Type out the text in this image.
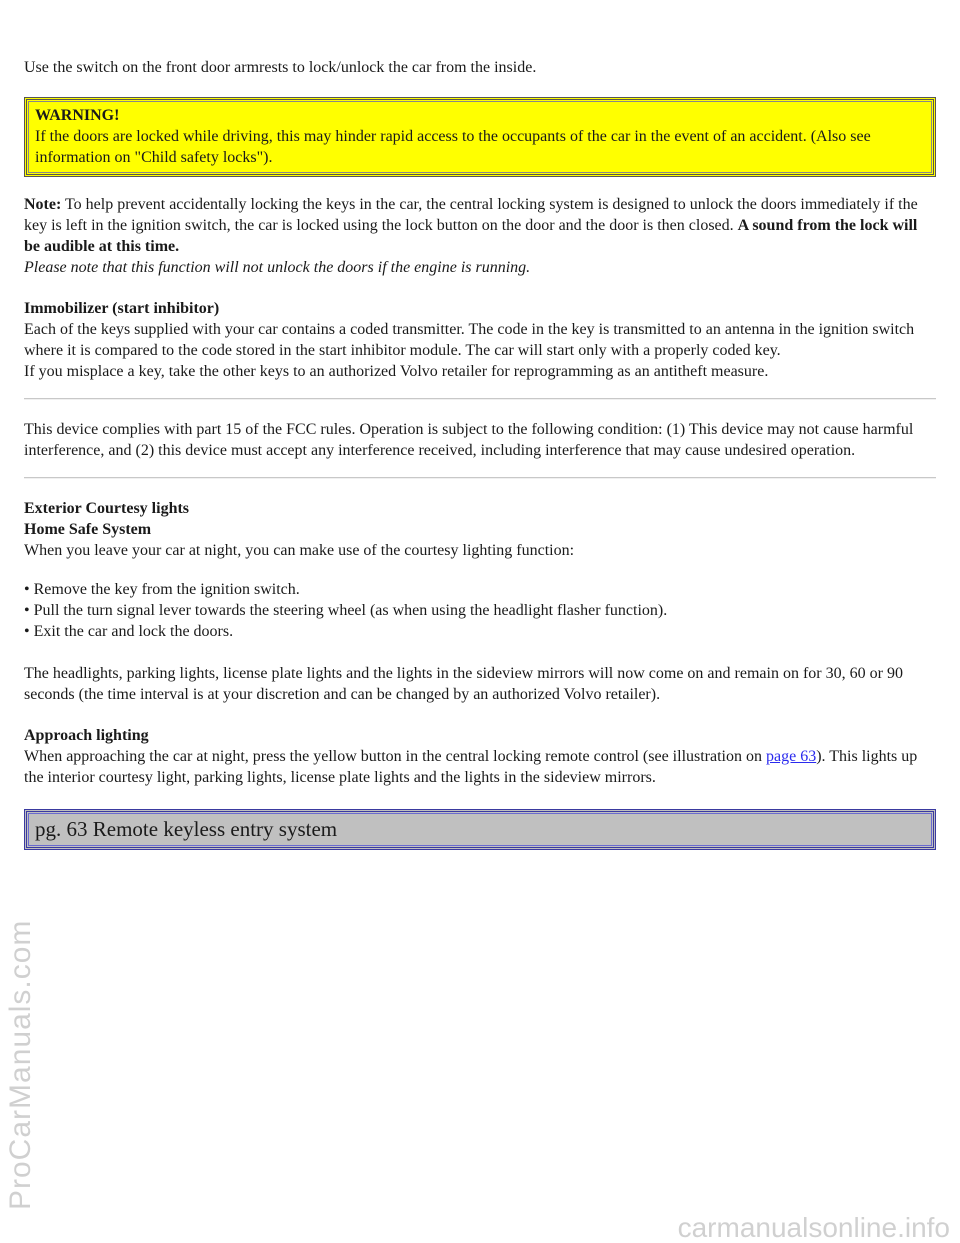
Use the switch on the front door armrests to lock/unlock the car from the inside.

WARNING!
If the doors are locked while driving, this may hinder rapid access to the occupants of the car in the event of an accident. (Also see information on "Child safety locks").
Note: To help prevent accidentally locking the keys in the car, the central locking system is designed to unlock the doors immediately if the key is left in the ignition switch, the car is locked using the lock button on the door and the door is then closed. A sound from the lock will be audible at this time.
Please note that this function will not unlock the doors if the engine is running.
Immobilizer (start inhibitor)
Each of the keys supplied with your car contains a coded transmitter. The code in the key is transmitted to an antenna in the ignition switch where it is compared to the code stored in the start inhibitor module. The car will start only with a properly coded key.
If you misplace a key, take the other keys to an authorized Volvo retailer for reprogramming as an antitheft measure.

This device complies with part 15 of the FCC rules. Operation is subject to the following condition: (1) This device may not cause harmful interference, and (2) this device must accept any interference received, including interference that may cause undesired operation.

Exterior Courtesy lights
Home Safe System
When you leave your car at night, you can make use of the courtesy lighting function:
• Remove the key from the ignition switch.
• Pull the turn signal lever towards the steering wheel (as when using the headlight flasher function).
• Exit the car and lock the doors.
The headlights, parking lights, license plate lights and the lights in the sideview mirrors will now come on and remain on for 30, 60 or 90 seconds (the time interval is at your discretion and can be changed by an authorized Volvo retailer).
Approach lighting
When approaching the car at night, press the yellow button in the central locking remote control (see illustration on page 63). This lights up the interior courtesy light, parking lights, license plate lights and the lights in the sideview mirrors.
pg. 63 Remote keyless entry system
ProCarManuals.com
carmanualsonline.info
